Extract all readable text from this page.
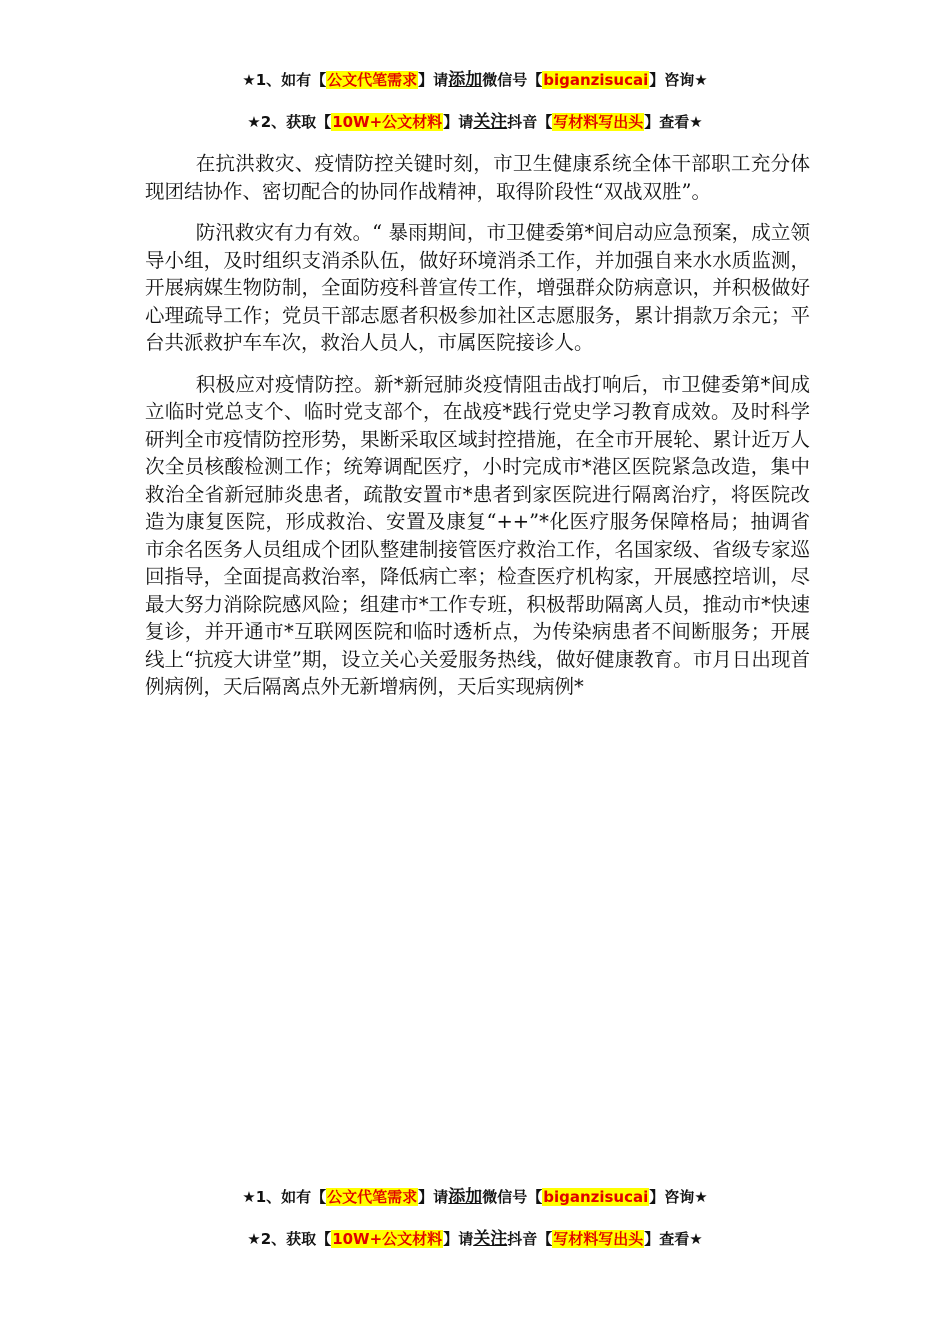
★1、如有【公文代笔需求】请添加微信号【biganzisucai】咨询★
★2、获取【10W+公文材料】请关注抖音【写材料写出头】查看★

在抗洪救灾、疫情防控关键时刻，市卫生健康系统全体干部职工充分体现团结协作、密切配合的协同作战精神，取得阶段性“双战双胜”。

防汛救灾有力有效。“ 暴雨期间，市卫健委第*间启动应急预案，成立领导小组，及时组织支消杀队伍，做好环境消杀工作，并加强自来水水质监测，开展病媒生物防制，全面防疫科普宣传工作，增强群众防病意识，并积极做好心理疏导工作；党员干部志愿者积极参加社区志愿服务，累计捐款万余元；平台共派救护车车次，救治人员人，市属医院接诊人。

积极应对疫情防控。新*新冠肺炎疫情阻击战打响后，市卫健委第*间成立临时党总支个、临时党支部个，在战疫*践行党史学习教育成效。及时科学研判全市疫情防控形势，果断采取区域封控措施，在全市开展轮、累计近万人次全员核酸检测工作；统筹调配医疗，小时完成市*港区医院紧急改造，集中救治全省新冠肺炎患者，疏散安置市*患者到家医院进行隔离治疗，将医院改造为康复医院，形成救治、安置及康复“++”*化医疗服务保障格局；抽调省市余名医务人员组成个团队整建制接管医疗救治工作，名国家级、省级专家巡回指导，全面提高救治率，降低病亡率；检查医疗机构家，开展感控培训，尽最大努力消除院感风险；组建市*工作专班，积极帮助隔离人员，推动市*快速复诊，并开通市*互联网医院和临时透析点，为传染病患者不间断服务；开展线上“抗疫大讲堂”期，设立关心关爱服务热线，做好健康教育。市月日出现首例病例，天后隔离点外无新增病例，天后实现病例*

★1、如有【公文代笔需求】请添加微信号【biganzisucai】咨询★
★2、获取【10W+公文材料】请关注抖音【写材料写出头】查看★
